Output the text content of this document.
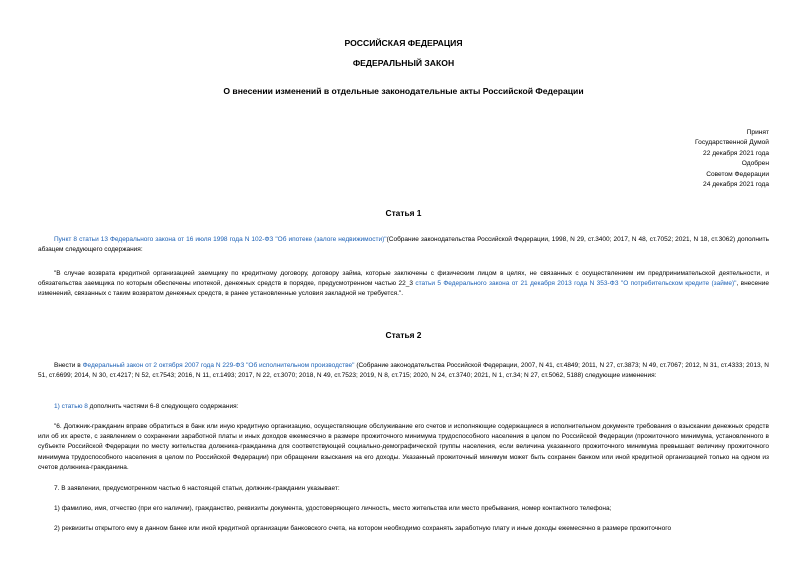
РОССИЙСКАЯ ФЕДЕРАЦИЯ
ФЕДЕРАЛЬНЫЙ ЗАКОН
О внесении изменений в отдельные законодательные акты Российской Федерации
Принят
Государственной Думой
22 декабря 2021 года
Одобрен
Советом Федерации
24 декабря 2021 года
Статья 1
Пункт 8 статьи 13 Федерального закона от 16 июля 1998 года N 102-ФЗ "Об ипотеке (залоге недвижимости)"(Собрание законодательства Российской Федерации, 1998, N 29, ст.3400; 2017, N 48, ст.7052; 2021, N 18, ст.3062) дополнить абзацем следующего содержания:
"В случае возврата кредитной организацией заемщику по кредитному договору, договору займа, которые заключены с физическим лицом в целях, не связанных с осуществлением им предпринимательской деятельности, и обязательства заемщика по которым обеспечены ипотекой, денежных средств в порядке, предусмотренном частью 22_3 статьи 5 Федерального закона от 21 декабря 2013 года N 353-ФЗ "О потребительском кредите (займе)", внесение изменений, связанных с таким возвратом денежных средств, в ранее установленные условия закладной не требуется.".
Статья 2
Внести в Федеральный закон от 2 октября 2007 года N 229-ФЗ "Об исполнительном производстве" (Собрание законодательства Российской Федерации, 2007, N 41, ст.4849; 2011, N 27, ст.3873; N 49, ст.7067; 2012, N 31, ст.4333; 2013, N 51, ст.6699; 2014, N 30, ст.4217; N 52, ст.7543; 2016, N 11, ст.1493; 2017, N 22, ст.3070; 2018, N 49, ст.7523; 2019, N 8, ст.715; 2020, N 24, ст.3740; 2021, N 1, ст.34; N 27, ст.5062, 5188) следующие изменения:
1) статью 8 дополнить частями 6-8 следующего содержания:
"6. Должник-гражданин вправе обратиться в банк или иную кредитную организацию, осуществляющие обслуживание его счетов и исполняющие содержащиеся в исполнительном документе требования о взыскании денежных средств или об их аресте, с заявлением о сохранении заработной платы и иных доходов ежемесячно в размере прожиточного минимума трудоспособного населения в целом по Российской Федерации (прожиточного минимума, установленного в субъекте Российской Федерации по месту жительства должника-гражданина для соответствующей социально-демографической группы населения, если величина указанного прожиточного минимума превышает величину прожиточного минимума трудоспособного населения в целом по Российской Федерации) при обращении взыскания на его доходы. Указанный прожиточный минимум может быть сохранен банком или иной кредитной организацией только на одном из счетов должника-гражданина.
7. В заявлении, предусмотренном частью 6 настоящей статьи, должник-гражданин указывает:
1) фамилию, имя, отчество (при его наличии), гражданство, реквизиты документа, удостоверяющего личность, место жительства или место пребывания, номер контактного телефона;
2) реквизиты открытого ему в данном банке или иной кредитной организации банковского счета, на котором необходимо сохранять заработную плату и иные доходы ежемесячно в размере прожиточного
